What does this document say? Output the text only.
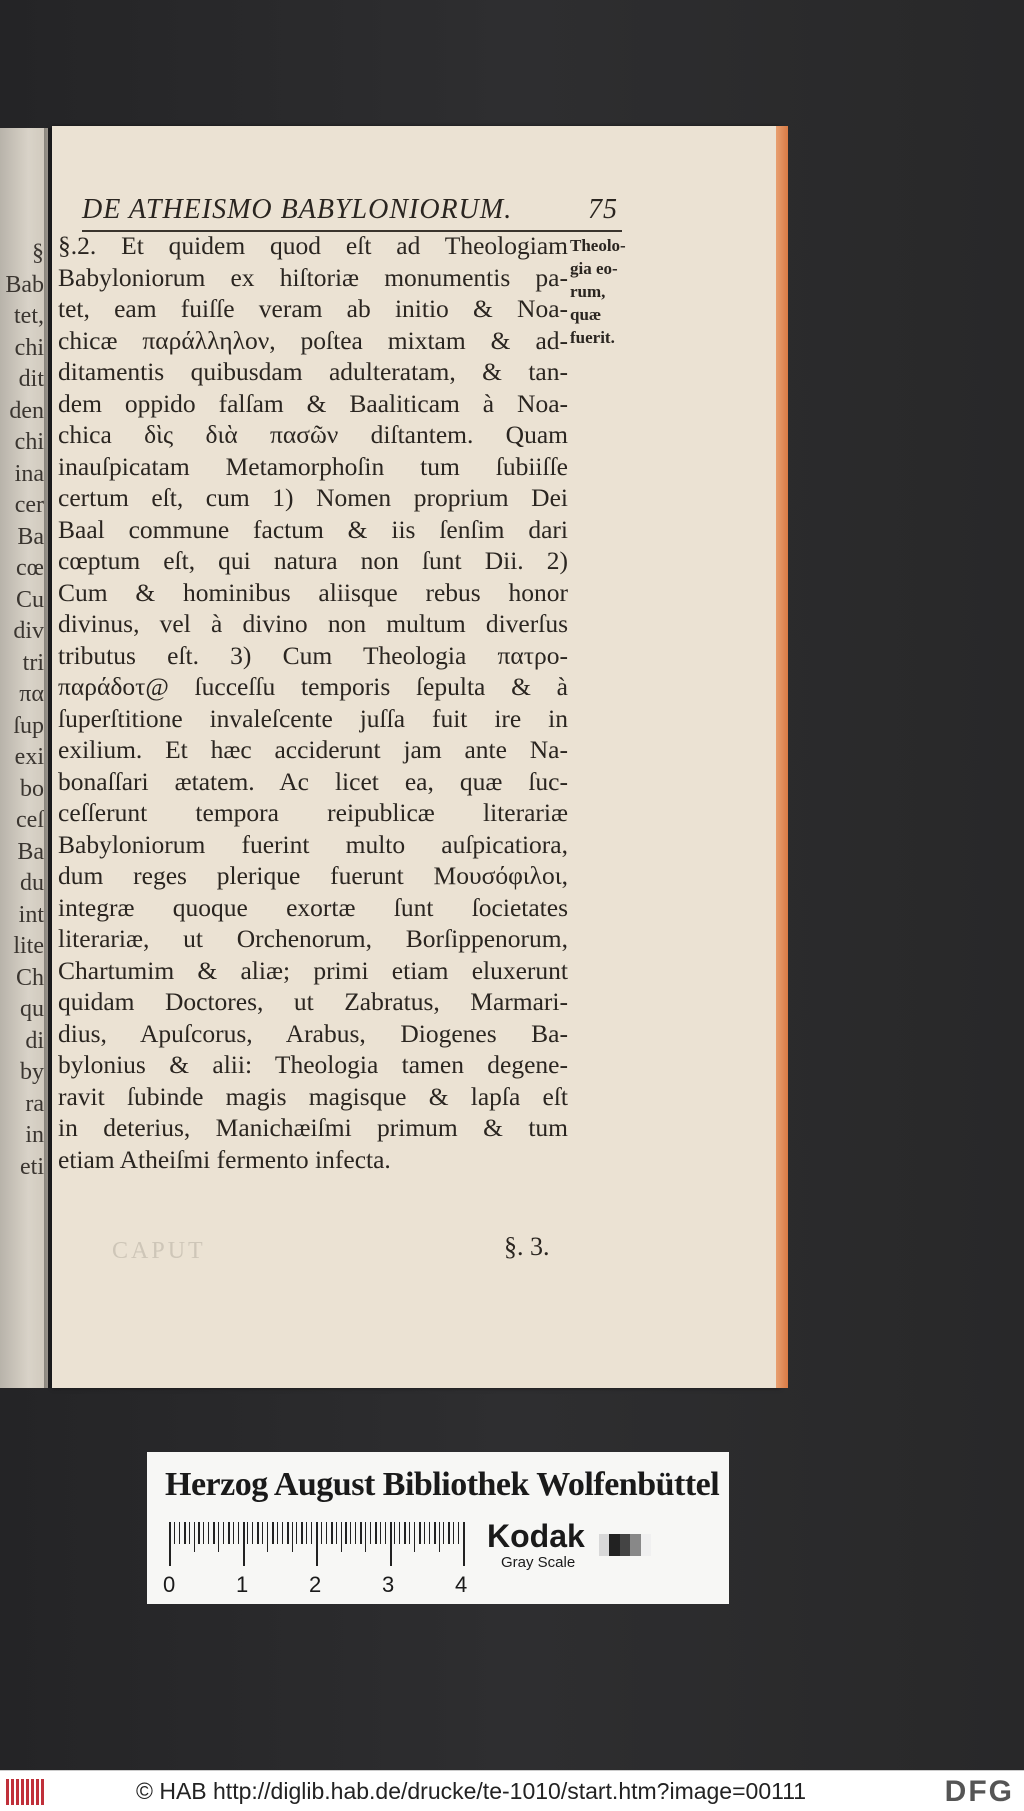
§
Bab
tet,
chi
dit
den
chi
ina
cer
Ba
cœ
Cu
div
tri
πα
ſup
exi
bo
ceſ
Ba
du
int
lite
Ch
qu
di
by
ra
in
eti
DE ATHEISMO BABYLONIORUM.	75
§.2. Et quidem quod eſt ad Theologiam
Babyloniorum ex hiſtoriæ monumentis pa-
tet, eam fuiſſe veram ab initio & Noa-
chicæ παράλληλον, poſtea mixtam & ad-
ditamentis quibusdam adulteratam, & tan-
dem oppido falſam & Baaliticam à Noa-
chica δὶς διὰ πασῶν diſtantem. Quam
inauſpicatam Metamorphoſin tum ſubiiſſe
certum eſt, cum 1) Nomen proprium Dei
Baal commune factum & iis ſenſim dari
cœptum eſt, qui natura non ſunt Dii. 2)
Cum & hominibus aliisque rebus honor
divinus, vel à divino non multum diverſus
tributus eſt. 3) Cum Theologia πατρο-
παράδοτ@ ſucceſſu temporis ſepulta & à
ſuperſtitione invaleſcente juſſa fuit ire in
exilium. Et hæc acciderunt jam ante Na-
bonaſſari ætatem. Ac licet ea, quæ ſuc-
ceſſerunt tempora reipublicæ literariæ
Babyloniorum fuerint multo auſpicatiora,
dum reges plerique fuerunt Μουσόφιλοι,
integræ quoque exortæ ſunt ſocietates
literariæ, ut Orchenorum, Borſippenorum,
Chartumim & aliæ; primi etiam eluxerunt
quidam Doctores, ut Zabratus, Marmari-
dius, Apuſcorus, Arabus, Diogenes Ba-
bylonius & alii: Theologia tamen degene-
ravit ſubinde magis magisque & lapſa eſt
in deterius, Manichæiſmi primum & tum
etiam Atheiſmi fermento infecta.
Theolo-
gia eo-
rum, quæ
fuerit.
CAPUT	§. 3.
Herzog August Bibliothek Wolfenbüttel
0	1	2	3	4
Kodak
Gray Scale
© HAB http://diglib.hab.de/drucke/te-1010/start.htm?image=00111	DFG
